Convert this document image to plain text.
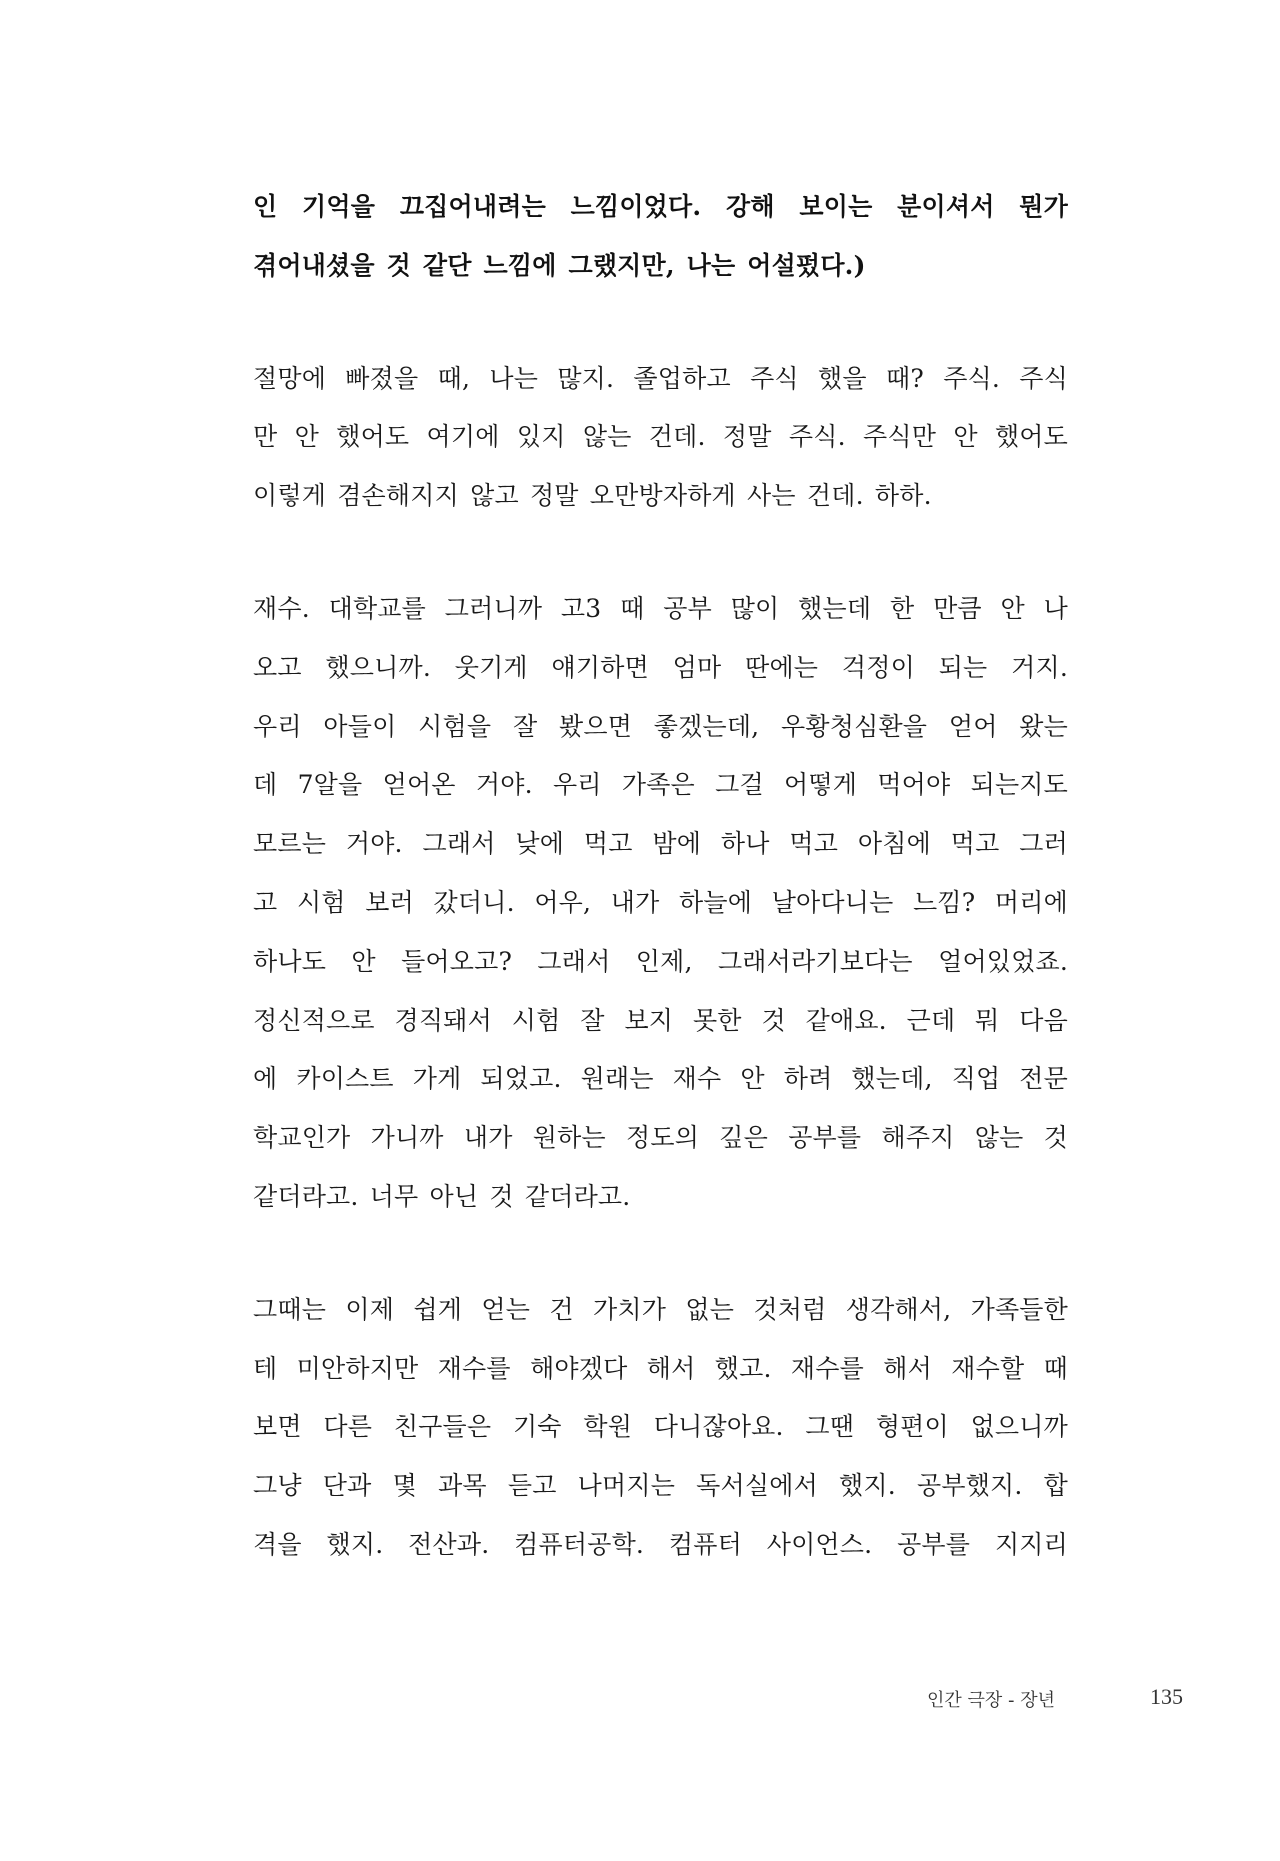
인 기억을 끄집어내려는 느낌이었다. 강해 보이는 분이셔서 뭔가
겪어내셨을 것 같단 느낌에 그랬지만, 나는 어설펐다.)

절망에 빠졌을 때, 나는 많지. 졸업하고 주식 했을 때? 주식. 주식
만 안 했어도 여기에 있지 않는 건데. 정말 주식. 주식만 안 했어도
이렇게 겸손해지지 않고 정말 오만방자하게 사는 건데. 하하.

재수. 대학교를 그러니까 고3 때 공부 많이 했는데 한 만큼 안 나
오고 했으니까. 웃기게 얘기하면 엄마 딴에는 걱정이 되는 거지.
우리 아들이 시험을 잘 봤으면 좋겠는데, 우황청심환을 얻어 왔는
데 7알을 얻어온 거야. 우리 가족은 그걸 어떻게 먹어야 되는지도
모르는 거야. 그래서 낮에 먹고 밤에 하나 먹고 아침에 먹고 그러
고 시험 보러 갔더니. 어우, 내가 하늘에 날아다니는 느낌? 머리에
하나도 안 들어오고? 그래서 인제, 그래서라기보다는 얼어있었죠.
정신적으로 경직돼서 시험 잘 보지 못한 것 같애요. 근데 뭐 다음
에 카이스트 가게 되었고. 원래는 재수 안 하려 했는데, 직업 전문
학교인가 가니까 내가 원하는 정도의 깊은 공부를 해주지 않는 것
같더라고. 너무 아닌 것 같더라고.

그때는 이제 쉽게 얻는 건 가치가 없는 것처럼 생각해서, 가족들한
테 미안하지만 재수를 해야겠다 해서 했고. 재수를 해서 재수할 때
보면 다른 친구들은 기숙 학원 다니잖아요. 그땐 형편이 없으니까
그냥 단과 몇 과목 듣고 나머지는 독서실에서 했지. 공부했지. 합
격을 했지. 전산과. 컴퓨터공학. 컴퓨터 사이언스. 공부를 지지리

인간 극장 - 장년	135
